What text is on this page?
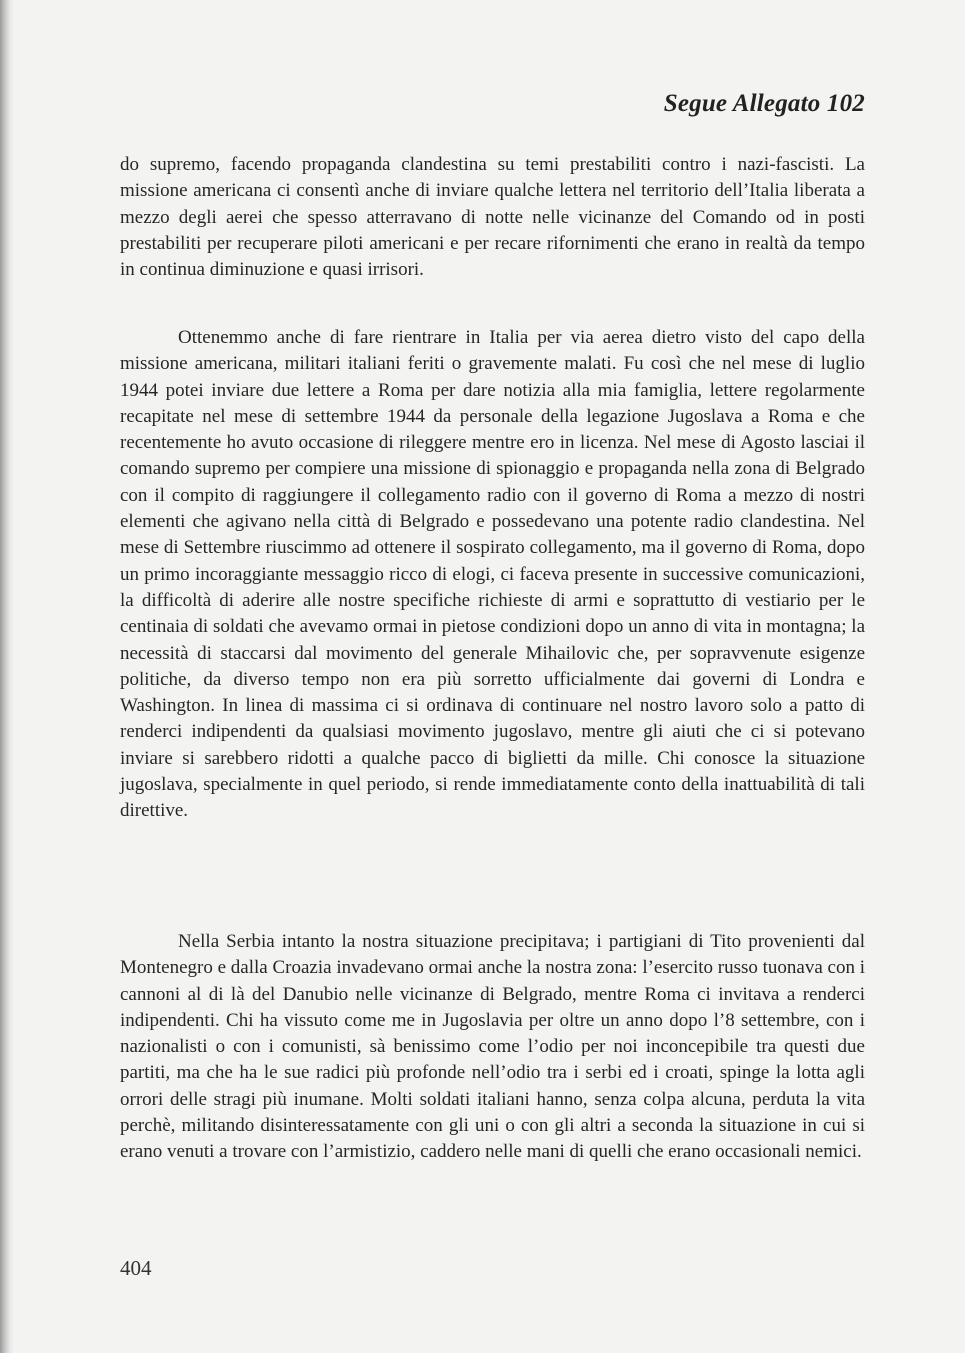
Segue Allegato 102

do supremo, facendo propaganda clandestina su temi prestabiliti contro i nazi-fascisti. La missione americana ci consentì anche di inviare qualche lettera nel territorio dell’Italia liberata a mezzo degli aerei che spesso atterravano di notte nelle vicinanze del Comando od in posti prestabiliti per recuperare piloti americani e per recare rifornimenti che erano in realtà da tempo in continua diminuzione e quasi irrisori.

Ottenemmo anche di fare rientrare in Italia per via aerea dietro visto del capo della missione americana, militari italiani feriti o gravemente malati. Fu così che nel mese di luglio 1944 potei inviare due lettere a Roma per dare notizia alla mia famiglia, lettere regolarmente recapitate nel mese di settembre 1944 da personale della legazione Jugoslava a Roma e che recentemente ho avuto occasione di rileggere mentre ero in licenza. Nel mese di Agosto lasciai il comando supremo per compiere una missione di spionaggio e propaganda nella zona di Belgrado con il compito di raggiungere il collegamento radio con il governo di Roma a mezzo di nostri elementi che agivano nella città di Belgrado e possedevano una potente radio clandestina. Nel mese di Settembre riuscimmo ad ottenere il sospirato collegamento, ma il governo di Roma, dopo un primo incoraggiante messaggio ricco di elogi, ci faceva presente in successive comunicazioni, la difficoltà di aderire alle nostre specifiche richieste di armi e soprattutto di vestiario per le centinaia di soldati che avevamo ormai in pietose condizioni dopo un anno di vita in montagna; la necessità di staccarsi dal movimento del generale Mihailovic che, per sopravvenute esigenze politiche, da diverso tempo non era più sorretto ufficialmente dai governi di Londra e Washington. In linea di massima ci si ordinava di continuare nel nostro lavoro solo a patto di renderci indipendenti da qualsiasi movimento jugoslavo, mentre gli aiuti che ci si potevano inviare si sarebbero ridotti a qualche pacco di biglietti da mille. Chi conosce la situazione jugoslava, specialmente in quel periodo, si rende immediatamente conto della inattuabilità di tali direttive.

Nella Serbia intanto la nostra situazione precipitava; i partigiani di Tito provenienti dal Montenegro e dalla Croazia invadevano ormai anche la nostra zona: l’esercito russo tuonava con i cannoni al di là del Danubio nelle vicinanze di Belgrado, mentre Roma ci invitava a renderci indipendenti. Chi ha vissuto come me in Jugoslavia per oltre un anno dopo l’8 settembre, con i nazionalisti o con i comunisti, sà benissimo come l’odio per noi inconcepibile tra questi due partiti, ma che ha le sue radici più profonde nell’odio tra i serbi ed i croati, spinge la lotta agli orrori delle stragi più inumane. Molti soldati italiani hanno, senza colpa alcuna, perduta la vita perchè, militando disinteressatamente con gli uni o con gli altri a seconda la situazione in cui si erano venuti a trovare con l’armistizio, caddero nelle mani di quelli che erano occasionali nemici.

404
